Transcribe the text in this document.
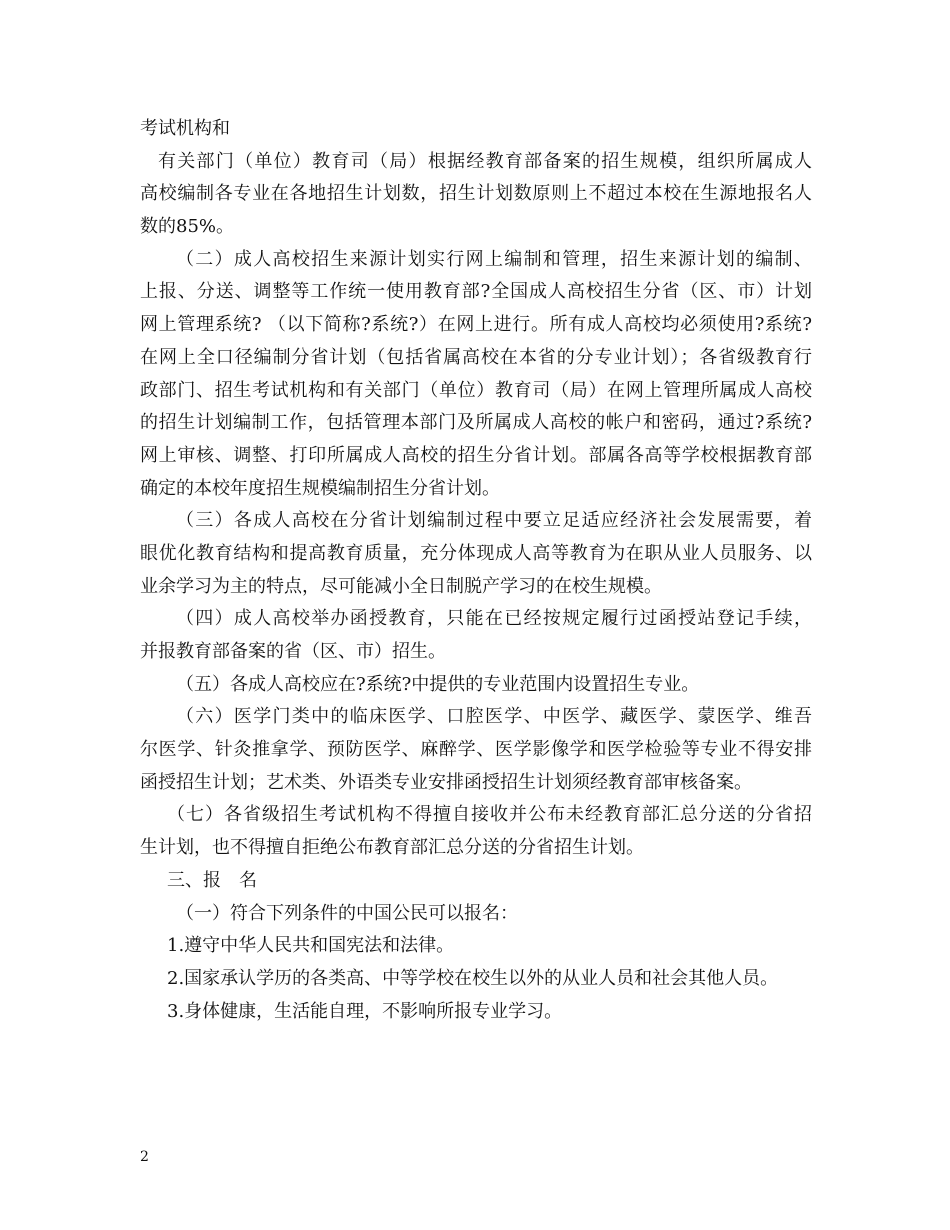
考试机构和
有关部门（单位）教育司（局）根据经教育部备案的招生规模，组织所属成人
高校编制各专业在各地招生计划数，招生计划数原则上不超过本校在生源地报名人
数的85%。
（二）成人高校招生来源计划实行网上编制和管理，招生来源计划的编制、
上报、分送、调整等工作统一使用教育部?全国成人高校招生分省（区、市）计划
网上管理系统? （以下简称?系统?）在网上进行。所有成人高校均必须使用?系统?
在网上全口径编制分省计划（包括省属高校在本省的分专业计划）；各省级教育行
政部门、招生考试机构和有关部门（单位）教育司（局）在网上管理所属成人高校
的招生计划编制工作，包括管理本部门及所属成人高校的帐户和密码，通过?系统?
网上审核、调整、打印所属成人高校的招生分省计划。部属各高等学校根据教育部
确定的本校年度招生规模编制招生分省计划。
（三）各成人高校在分省计划编制过程中要立足适应经济社会发展需要，着
眼优化教育结构和提高教育质量，充分体现成人高等教育为在职从业人员服务、以
业余学习为主的特点，尽可能减小全日制脱产学习的在校生规模。
（四）成人高校举办函授教育，只能在已经按规定履行过函授站登记手续，
并报教育部备案的省（区、市）招生。
（五）各成人高校应在?系统?中提供的专业范围内设置招生专业。
（六）医学门类中的临床医学、口腔医学、中医学、藏医学、蒙医学、维吾
尔医学、针灸推拿学、预防医学、麻醉学、医学影像学和医学检验等专业不得安排
函授招生计划；艺术类、外语类专业安排函授招生计划须经教育部审核备案。
（七）各省级招生考试机构不得擅自接收并公布未经教育部汇总分送的分省招
生计划，也不得擅自拒绝公布教育部汇总分送的分省招生计划。
三、报　名
（一）符合下列条件的中国公民可以报名：
1.遵守中华人民共和国宪法和法律。
2.国家承认学历的各类高、中等学校在校生以外的从业人员和社会其他人员。
3.身体健康，生活能自理，不影响所报专业学习。
2
